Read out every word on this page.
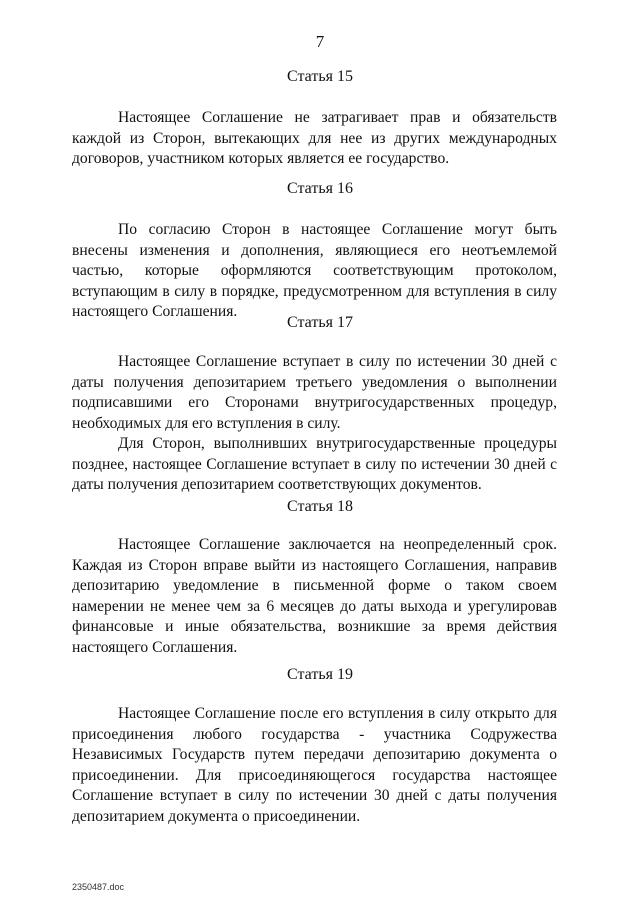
7
Статья 15

Настоящее Соглашение не затрагивает прав и обязательств каждой из Сторон, вытекающих для нее из других международных договоров, участником которых является ее государство.

Статья 16

По согласию Сторон в настоящее Соглашение могут быть внесены изменения и дополнения, являющиеся его неотъемлемой частью, которые оформляются соответствующим протоколом, вступающим в силу в порядке, предусмотренном для вступления в силу настоящего Соглашения.

Статья 17

Настоящее Соглашение вступает в силу по истечении 30 дней с даты получения депозитарием третьего уведомления о выполнении подписавшими его Сторонами внутригосударственных процедур, необходимых для его вступления в силу.

Для Сторон, выполнивших внутригосударственные процедуры позднее, настоящее Соглашение вступает в силу по истечении 30 дней с даты получения депозитарием соответствующих документов.

Статья 18

Настоящее Соглашение заключается на неопределенный срок. Каждая из Сторон вправе выйти из настоящего Соглашения, направив депозитарию уведомление в письменной форме о таком своем намерении не менее чем за 6 месяцев до даты выхода и урегулировав финансовые и иные обязательства, возникшие за время действия настоящего Соглашения.

Статья 19

Настоящее Соглашение после его вступления в силу открыто для присоединения любого государства - участника Содружества Независимых Государств путем передачи депозитарию документа о присоединении. Для присоединяющегося государства настоящее Соглашение вступает в силу по истечении 30 дней с даты получения депозитарием документа о присоединении.

2350487.doc
